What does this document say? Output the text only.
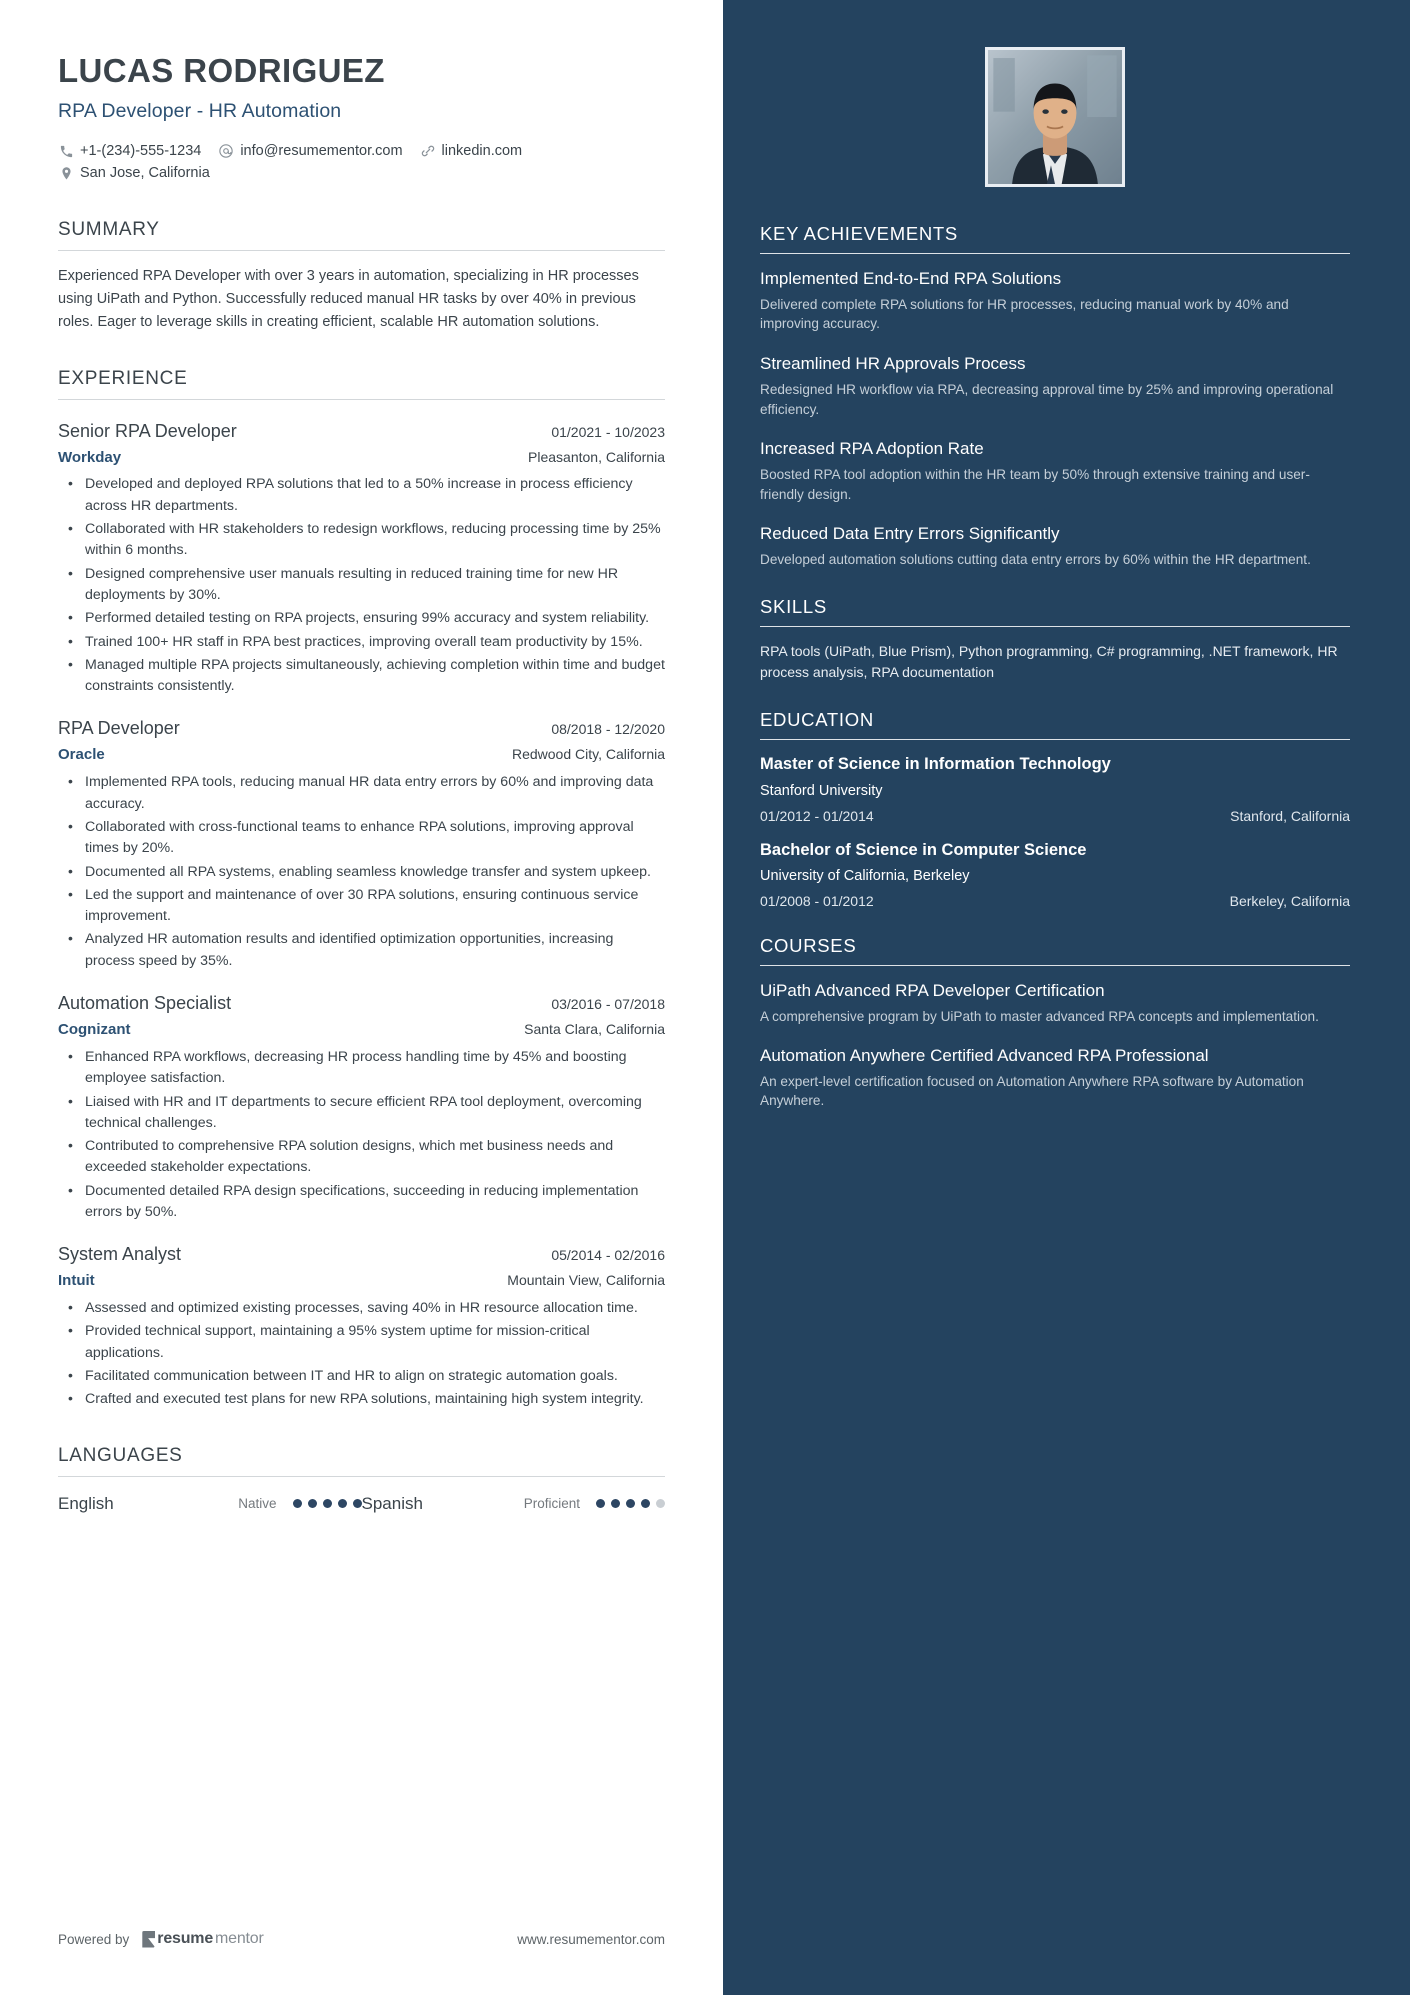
LUCAS RODRIGUEZ
RPA Developer - HR Automation
+1-(234)-555-1234	info@resumementor.com	linkedin.com
San Jose, California
SUMMARY
Experienced RPA Developer with over 3 years in automation, specializing in HR processes using UiPath and Python. Successfully reduced manual HR tasks by over 40% in previous roles. Eager to leverage skills in creating efficient, scalable HR automation solutions.
EXPERIENCE
Senior RPA Developer	01/2021 - 10/2023
Workday	Pleasanton, California
• Developed and deployed RPA solutions that led to a 50% increase in process efficiency across HR departments.
• Collaborated with HR stakeholders to redesign workflows, reducing processing time by 25% within 6 months.
• Designed comprehensive user manuals resulting in reduced training time for new HR deployments by 30%.
• Performed detailed testing on RPA projects, ensuring 99% accuracy and system reliability.
• Trained 100+ HR staff in RPA best practices, improving overall team productivity by 15%.
• Managed multiple RPA projects simultaneously, achieving completion within time and budget constraints consistently.
RPA Developer	08/2018 - 12/2020
Oracle	Redwood City, California
• Implemented RPA tools, reducing manual HR data entry errors by 60% and improving data accuracy.
• Collaborated with cross-functional teams to enhance RPA solutions, improving approval times by 20%.
• Documented all RPA systems, enabling seamless knowledge transfer and system upkeep.
• Led the support and maintenance of over 30 RPA solutions, ensuring continuous service improvement.
• Analyzed HR automation results and identified optimization opportunities, increasing process speed by 35%.
Automation Specialist	03/2016 - 07/2018
Cognizant	Santa Clara, California
• Enhanced RPA workflows, decreasing HR process handling time by 45% and boosting employee satisfaction.
• Liaised with HR and IT departments to secure efficient RPA tool deployment, overcoming technical challenges.
• Contributed to comprehensive RPA solution designs, which met business needs and exceeded stakeholder expectations.
• Documented detailed RPA design specifications, succeeding in reducing implementation errors by 50%.
System Analyst	05/2014 - 02/2016
Intuit	Mountain View, California
• Assessed and optimized existing processes, saving 40% in HR resource allocation time.
• Provided technical support, maintaining a 95% system uptime for mission-critical applications.
• Facilitated communication between IT and HR to align on strategic automation goals.
• Crafted and executed test plans for new RPA solutions, maintaining high system integrity.
LANGUAGES
English	Native	Spanish	Proficient
Powered by resume mentor	www.resumementor.com
KEY ACHIEVEMENTS
Implemented End-to-End RPA Solutions
Delivered complete RPA solutions for HR processes, reducing manual work by 40% and improving accuracy.
Streamlined HR Approvals Process
Redesigned HR workflow via RPA, decreasing approval time by 25% and improving operational efficiency.
Increased RPA Adoption Rate
Boosted RPA tool adoption within the HR team by 50% through extensive training and user-friendly design.
Reduced Data Entry Errors Significantly
Developed automation solutions cutting data entry errors by 60% within the HR department.
SKILLS
RPA tools (UiPath, Blue Prism), Python programming, C# programming, .NET framework, HR process analysis, RPA documentation
EDUCATION
Master of Science in Information Technology
Stanford University
01/2012 - 01/2014	Stanford, California
Bachelor of Science in Computer Science
University of California, Berkeley
01/2008 - 01/2012	Berkeley, California
COURSES
UiPath Advanced RPA Developer Certification
A comprehensive program by UiPath to master advanced RPA concepts and implementation.
Automation Anywhere Certified Advanced RPA Professional
An expert-level certification focused on Automation Anywhere RPA software by Automation Anywhere.
